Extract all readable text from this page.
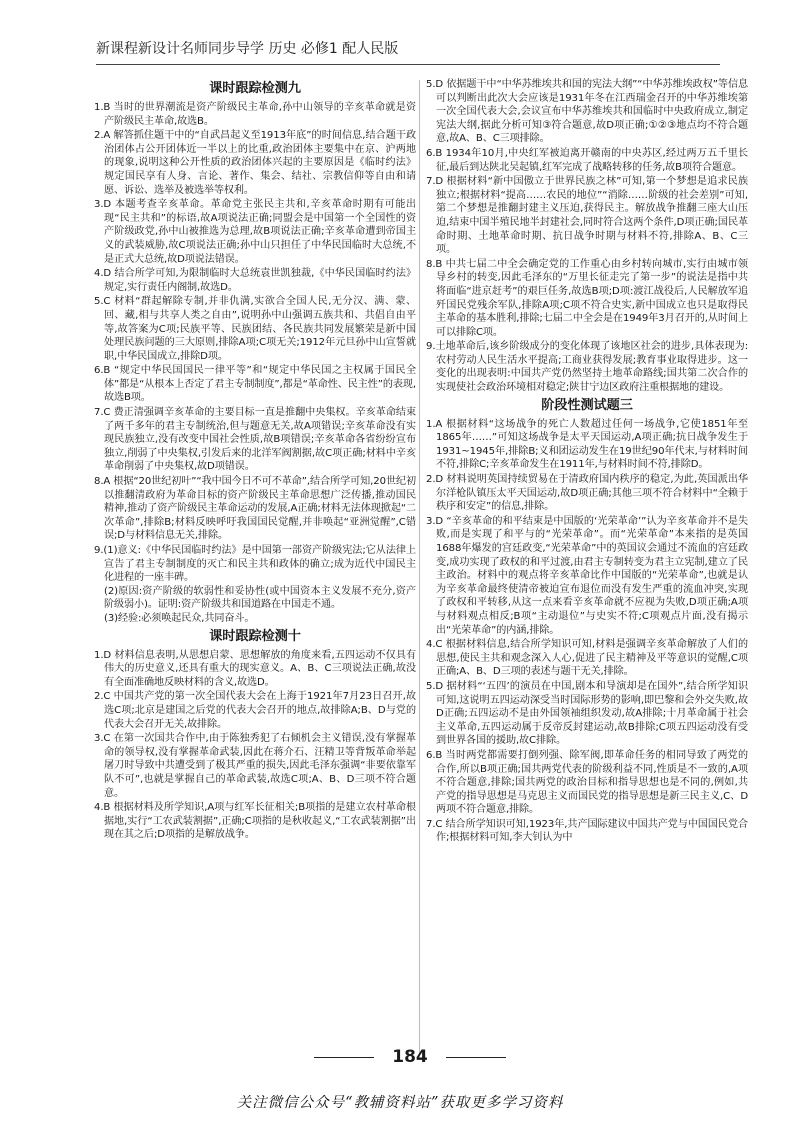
新课程新设计名师同步导学 历史 必修1 配人民版
课时跟踪检测九
1.B 当时的世界潮流是资产阶级民主革命,孙中山领导的辛亥革命就是资产阶级民主革命,故选B。
2.A 解答抓住题干中的“自武昌起义至1913年底”的时间信息,结合题干政治团体占公开团体近一半以上的比重,政治团体主要集中在京、沪两地的现象,说明这种公开性质的政治团体兴起的主要原因是《临时约法》规定国民享有人身、言论、著作、集会、结社、宗教信仰等自由和请愿、诉讼、选举及被选举等权利。
3.D 本题考查辛亥革命。革命党主张民主共和,辛亥革命时期有可能出现“民主共和”的标语,故A项说法正确;同盟会是中国第一个全国性的资产阶级政党,孙中山被推选为总理,故B项说法正确;辛亥革命遭到帝国主义的武装威胁,故C项说法正确;孙中山只担任了中华民国临时大总统,不是正式大总统,故D项说法错误。
4.D 结合所学可知,为限制临时大总统袁世凯独裁,《中华民国临时约法》规定,实行责任内阁制,故选D。
5.C 材料“群起解除专制,并非仇满,实欲合全国人民,无分汉、满、蒙、回、藏,相与共享人类之自由”,说明孙中山强调五族共和、共倡自由平等,故答案为C项;民族平等、民族团结、各民族共同发展繁荣是新中国处理民族问题的三大原则,排除A项;C项无关;1912年元旦孙中山宣誓就职,中华民国成立,排除D项。
6.B “规定中华民国国民一律平等”和“规定中华民国之主权属于国民全体”都是“从根本上否定了君主专制制度”,都是“革命性、民主性”的表现,故选B项。
7.C 费正清强调辛亥革命的主要目标一直是推翻中央集权。辛亥革命结束了两千多年的君主专制统治,但与题意无关,故A项错误;辛亥革命没有实现民族独立,没有改变中国社会性质,故B项错误;辛亥革命各省纷纷宣布独立,削弱了中央集权,引发后来的北洋军阀割据,故C项正确;材料中辛亥革命削弱了中央集权,故D项错误。
8.A 根据“20世纪初叶”“我中国今日不可不革命”,结合所学可知,20世纪初以推翻清政府为革命目标的资产阶级民主革命思想广泛传播,推动国民精神,推动了资产阶级民主革命运动的发展,A正确;材料无法体现掀起“二次革命”,排除B;材料反映呼吁我国国民觉醒,并非唤起“亚洲觉醒”,C错误;D与材料信息无关,排除。
9.(1)意义:《中华民国临时约法》是中国第一部资产阶级宪法;它从法律上宣告了君主专制制度的灭亡和民主共和政体的确立;成为近代中国民主化进程的一座丰碑。
(2)原因:资产阶级的软弱性和妥协性(或中国资本主义发展不充分,资产阶级弱小)。证明:资产阶级共和国道路在中国走不通。
(3)经验:必须唤起民众,共同奋斗。
课时跟踪检测十
1.D 材料信息表明,从思想启蒙、思想解放的角度来看,五四运动不仅具有伟大的历史意义,还具有重大的现实意义。A、B、C三项说法正确,故没有全面准确地反映材料的含义,故选D。
2.C 中国共产党的第一次全国代表大会在上海于1921年7月23日召开,故选C项;北京是建国之后党的代表大会召开的地点,故排除A;B、D与党的代表大会召开无关,故排除。
3.C 在第一次国共合作中,由于陈独秀犯了右倾机会主义错误,没有掌握革命的领导权,没有掌握革命武装,因此在蒋介石、汪精卫等背叛革命举起屠刀时导致中共遭受到了极其严重的损失,因此毛泽东强调“非要依靠军队不可”,也就是掌握自己的革命武装,故选C项;A、B、D三项不符合题意。
4.B 根据材料及所学知识,A项与红军长征相关;B项指的是建立农村革命根据地,实行“工农武装割据”,正确;C项指的是秋收起义,“工农武装割据”出现在其之后;D项指的是解放战争。
5.D 依据题干中“中华苏维埃共和国的宪法大纲”“中华苏维埃政权”等信息可以判断出此次大会应该是1931年冬在江西瑞金召开的中华苏维埃第一次全国代表大会,会议宣布中华苏维埃共和国临时中央政府成立,制定宪法大纲,据此分析可知③符合题意,故D项正确;①②③地点均不符合题意,故A、B、C三项排除。
6.B 1934年10月,中央红军被迫离开赣南的中央苏区,经过两万五千里长征,最后到达陕北吴起镇,红军完成了战略转移的任务,故B项符合题意。
7.D 根据材料“新中国傲立于世界民族之林”可知,第一个梦想是追求民族独立;根据材料“提高……农民的地位”“消除……阶级的社会差别”可知,第二个梦想是推翻封建主义压迫,获得民主。解放战争推翻三座大山压迫,结束中国半殖民地半封建社会,同时符合这两个条件,D项正确;国民革命时期、土地革命时期、抗日战争时期与材料不符,排除A、B、C三项。
8.B 中共七届二中全会确定党的工作重心由乡村转向城市,实行由城市领导乡村的转变,因此毛泽东的“万里长征走完了第一步”的说法是指中共将面临“进京赶考”的艰巨任务,故选B项;D项:渡江战役后,人民解放军追歼国民党残余军队,排除A项;C项不符合史实,新中国成立也只是取得民主革命的基本胜利,排除;七届二中全会是在1949年3月召开的,从时间上可以排除C项。
9.土地革命后,该乡阶级成分的变化体现了该地区社会的进步,具体表现为:农村劳动人民生活水平提高;工商业获得发展;教育事业取得进步。这一变化的出现表明:中国共产党仍然坚持土地革命路线;国共第二次合作的实现使社会政治环境相对稳定;陕甘宁边区政府注重根据地的建设。
阶段性测试题三
1.A 根据材料“这场战争的死亡人数超过任何一场战争,它使1851年至1865年……”可知这场战争是太平天国运动,A项正确;抗日战争发生于1931~1945年,排除B;义和团运动发生在19世纪90年代末,与材料时间不符,排除C;辛亥革命发生在1911年,与材料时间不符,排除D。
2.D 材料说明英国持续贸易在于清政府国内秩序的稳定,为此,英国派出华尔洋枪队镇压太平天国运动,故D项正确;其他三项不符合材料中“全赖于秩序和安定”的信息,排除。
3.D “辛亥革命的和平结束是中国版的‘光荣革命’”认为辛亥革命并不是失败,而是实现了和平与的“光荣革命”。而“光荣革命”本来指的是英国1688年爆发的宫廷政变,“光荣革命”中的英国议会通过不流血的宫廷政变,成功实现了政权的和平过渡,由君主专制转变为君主立宪制,建立了民主政治。材料中的观点将辛亥革命比作中国版的“光荣革命”,也就是认为辛亥革命最终使清帝被迫宣布退位而没有发生严重的流血冲突,实现了政权和平转移,从这一点来看辛亥革命就不应视为失败,D项正确;A项与材料观点相反;B项“主动退位”与史实不符;C项观点片面,没有揭示出“光荣革命”的内涵,排除。
4.C 根据材料信息,结合所学知识可知,材料是强调辛亥革命解放了人们的思想,使民主共和观念深入人心,促进了民主精神及平等意识的觉醒,C项正确;A、B、D三项的表述与题干无关,排除。
5.D 据材料“‘五四’的演员在中国,剧本和导演却是在国外”,结合所学知识可知,这说明五四运动深受当时国际形势的影响,即巴黎和会外交失败,故D正确;五四运动不是由外国领袖组织发动,故A排除;十月革命属于社会主义革命,五四运动属于反帝反封建运动,故B排除;C项五四运动没有受到世界各国的援助,故C排除。
6.B 当时两党都需要打倒列强、除军阀,即革命任务的相同导致了两党的合作,所以B项正确;国共两党代表的阶级利益不同,性质是不一致的,A项不符合题意,排除;国共两党的政治目标和指导思想也是不同的,例如,共产党的指导思想是马克思主义而国民党的指导思想是新三民主义,C、D两项不符合题意,排除。
7.C 结合所学知识可知,1923年,共产国际建议中国共产党与中国国民党合作;根据材料可知,李大钊认为中
184
关注微信公众号“教辅资料站”获取更多学习资料
